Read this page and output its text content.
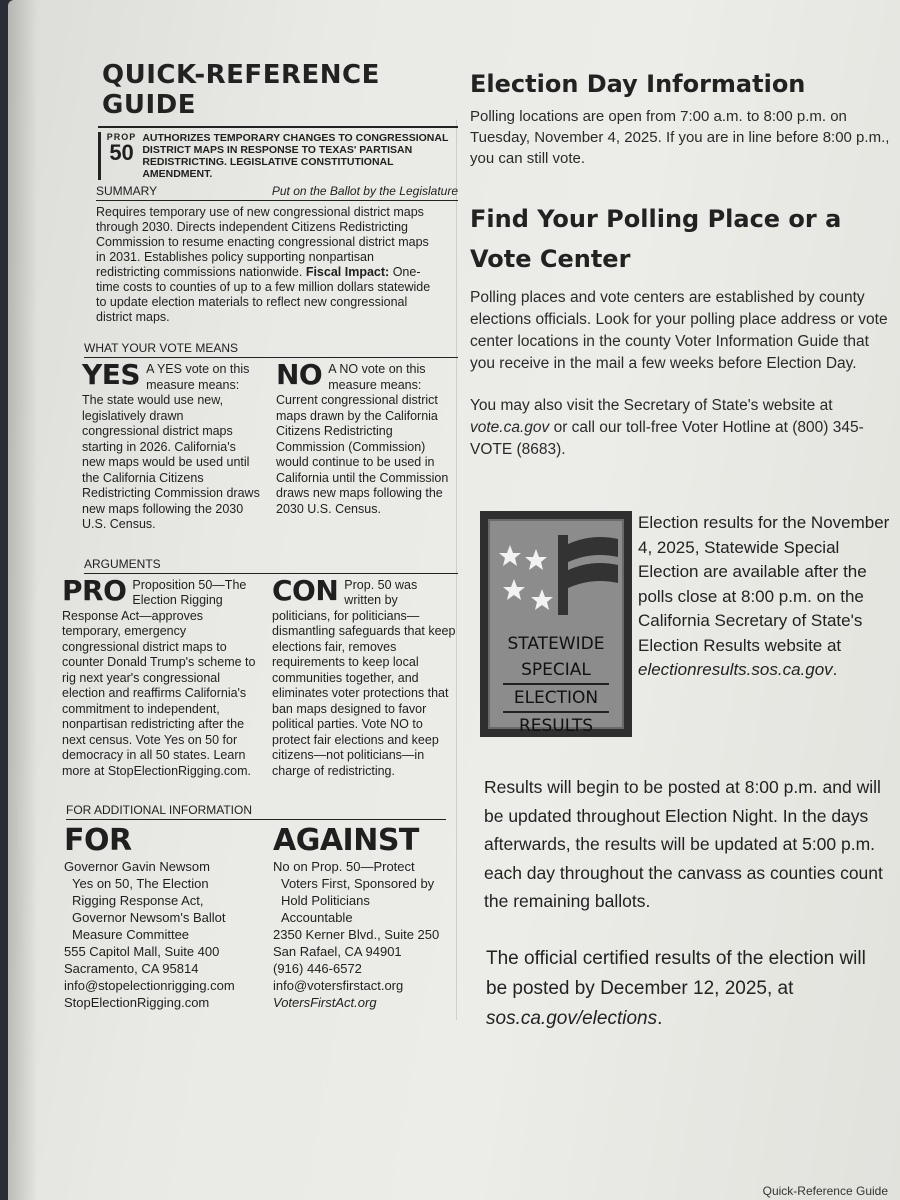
QUICK-REFERENCE GUIDE
PROP
50
AUTHORIZES TEMPORARY CHANGES TO CONGRESSIONAL DISTRICT MAPS IN RESPONSE TO TEXAS' PARTISAN REDISTRICTING. LEGISLATIVE CONSTITUTIONAL AMENDMENT.
SUMMARY	Put on the Ballot by the Legislature
Requires temporary use of new congressional district maps through 2030. Directs independent Citizens Redistricting Commission to resume enacting congressional district maps in 2031. Establishes policy supporting nonpartisan redistricting commissions nationwide. Fiscal Impact: One-time costs to counties of up to a few million dollars statewide to update election materials to reflect new congressional district maps.
WHAT YOUR VOTE MEANS
YES A YES vote on this measure means: The state would use new, legislatively drawn congressional district maps starting in 2026. California's new maps would be used until the California Citizens Redistricting Commission draws new maps following the 2030 U.S. Census.
NO A NO vote on this measure means: Current congressional district maps drawn by the California Citizens Redistricting Commission (Commission) would continue to be used in California until the Commission draws new maps following the 2030 U.S. Census.
ARGUMENTS
PRO Proposition 50—The Election Rigging Response Act—approves temporary, emergency congressional district maps to counter Donald Trump's scheme to rig next year's congressional election and reaffirms California's commitment to independent, nonpartisan redistricting after the next census. Vote Yes on 50 for democracy in all 50 states. Learn more at StopElectionRigging.com.
CON Prop. 50 was written by politicians, for politicians—dismantling safeguards that keep elections fair, removes requirements to keep local communities together, and eliminates voter protections that ban maps designed to favor political parties. Vote NO to protect fair elections and keep citizens—not politicians—in charge of redistricting.
FOR ADDITIONAL INFORMATION
FOR
Governor Gavin Newsom
Yes on 50, The Election
Rigging Response Act,
Governor Newsom's Ballot
Measure Committee
555 Capitol Mall, Suite 400
Sacramento, CA 95814
info@stopelectionrigging.com
StopElectionRigging.com
AGAINST
No on Prop. 50—Protect
Voters First, Sponsored by
Hold Politicians
Accountable
2350 Kerner Blvd., Suite 250
San Rafael, CA 94901
(916) 446-6572
info@votersfirstact.org
VotersFirstAct.org
Election Day Information
Polling locations are open from 7:00 a.m. to 8:00 p.m. on Tuesday, November 4, 2025. If you are in line before 8:00 p.m., you can still vote.
Find Your Polling Place or a Vote Center
Polling places and vote centers are established by county elections officials. Look for your polling place address or vote center locations in the county Voter Information Guide that you receive in the mail a few weeks before Election Day.
You may also visit the Secretary of State's website at vote.ca.gov or call our toll-free Voter Hotline at (800) 345-VOTE (8683).
STATEWIDE
SPECIAL
ELECTION
RESULTS
Election results for the November 4, 2025, Statewide Special Election are available after the polls close at 8:00 p.m. on the California Secretary of State's Election Results website at electionresults.sos.ca.gov.
Results will begin to be posted at 8:00 p.m. and will be updated throughout Election Night. In the days afterwards, the results will be updated at 5:00 p.m. each day throughout the canvass as counties count the remaining ballots.
The official certified results of the election will be posted by December 12, 2025, at sos.ca.gov/elections.
Quick-Reference Guide
